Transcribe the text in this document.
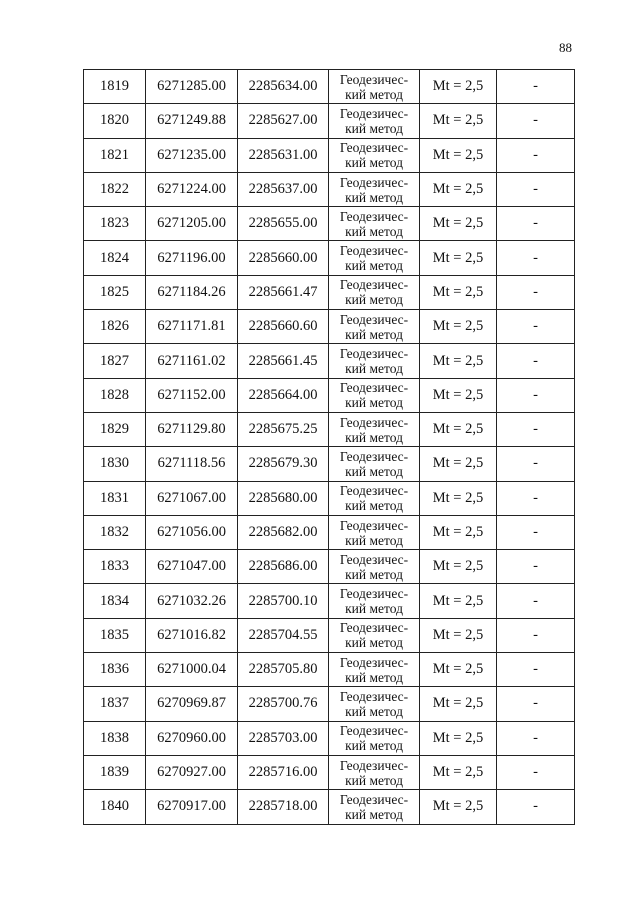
88
1819	6271285.00	2285634.00	Геодезичес-
кий метод	Mt = 2,5	-
1820	6271249.88	2285627.00	Геодезичес-
кий метод	Mt = 2,5	-
1821	6271235.00	2285631.00	Геодезичес-
кий метод	Mt = 2,5	-
1822	6271224.00	2285637.00	Геодезичес-
кий метод	Mt = 2,5	-
1823	6271205.00	2285655.00	Геодезичес-
кий метод	Mt = 2,5	-
1824	6271196.00	2285660.00	Геодезичес-
кий метод	Mt = 2,5	-
1825	6271184.26	2285661.47	Геодезичес-
кий метод	Mt = 2,5	-
1826	6271171.81	2285660.60	Геодезичес-
кий метод	Mt = 2,5	-
1827	6271161.02	2285661.45	Геодезичес-
кий метод	Mt = 2,5	-
1828	6271152.00	2285664.00	Геодезичес-
кий метод	Mt = 2,5	-
1829	6271129.80	2285675.25	Геодезичес-
кий метод	Mt = 2,5	-
1830	6271118.56	2285679.30	Геодезичес-
кий метод	Mt = 2,5	-
1831	6271067.00	2285680.00	Геодезичес-
кий метод	Mt = 2,5	-
1832	6271056.00	2285682.00	Геодезичес-
кий метод	Mt = 2,5	-
1833	6271047.00	2285686.00	Геодезичес-
кий метод	Mt = 2,5	-
1834	6271032.26	2285700.10	Геодезичес-
кий метод	Mt = 2,5	-
1835	6271016.82	2285704.55	Геодезичес-
кий метод	Mt = 2,5	-
1836	6271000.04	2285705.80	Геодезичес-
кий метод	Mt = 2,5	-
1837	6270969.87	2285700.76	Геодезичес-
кий метод	Mt = 2,5	-
1838	6270960.00	2285703.00	Геодезичес-
кий метод	Mt = 2,5	-
1839	6270927.00	2285716.00	Геодезичес-
кий метод	Mt = 2,5	-
1840	6270917.00	2285718.00	Геодезичес-
кий метод	Mt = 2,5	-
